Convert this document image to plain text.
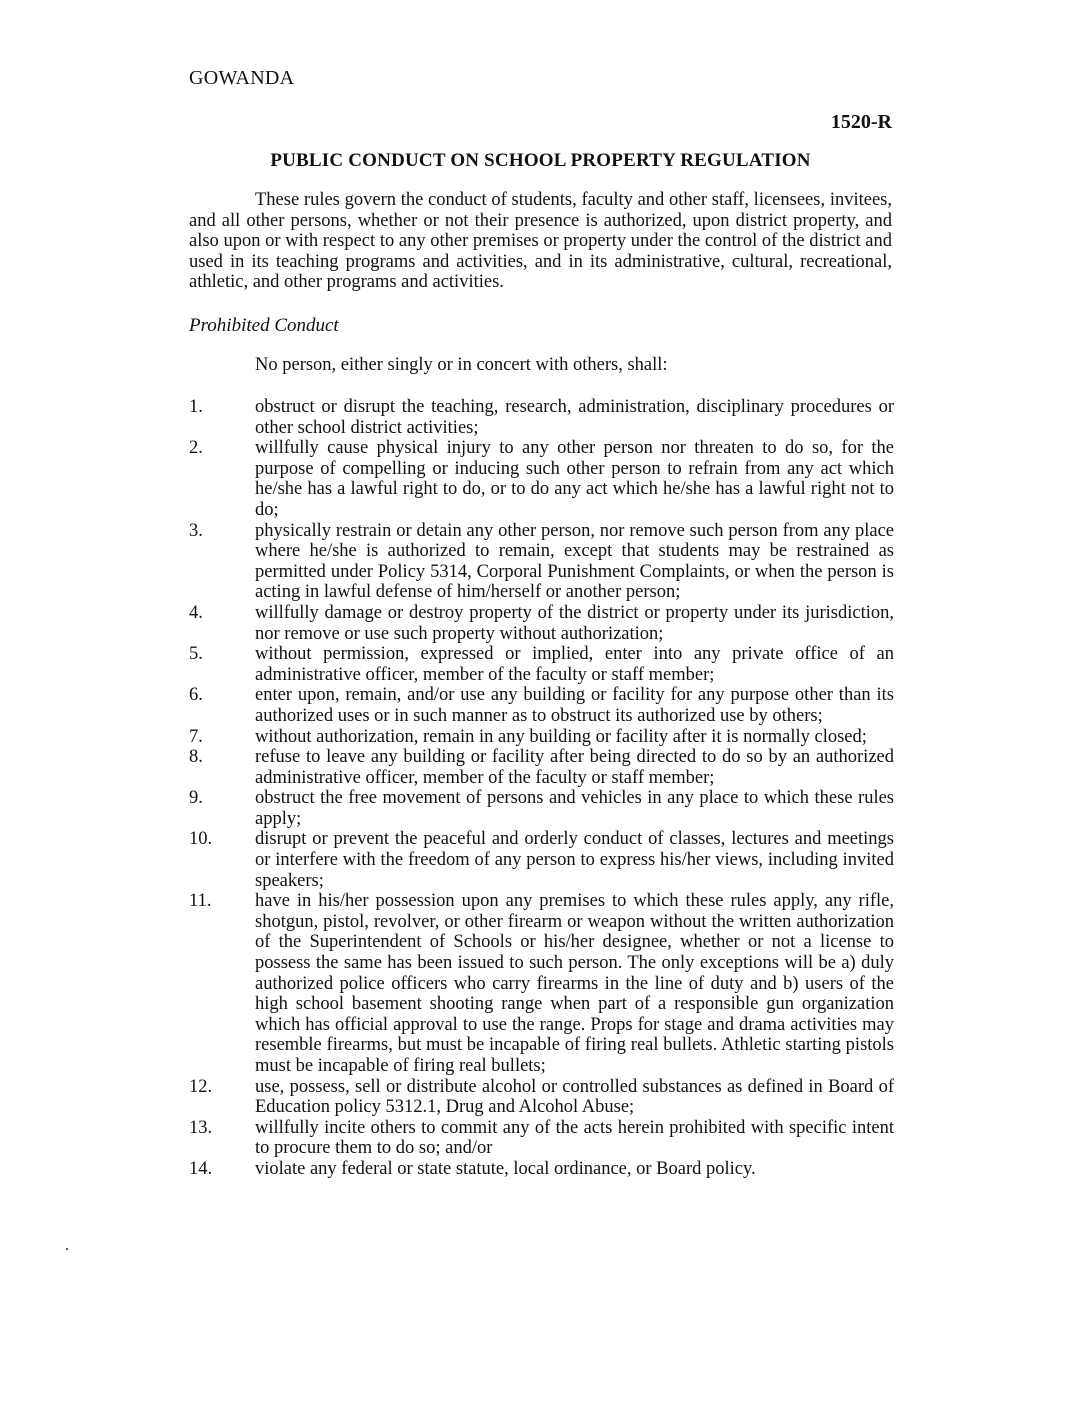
GOWANDA
1520-R
PUBLIC CONDUCT ON SCHOOL PROPERTY REGULATION

These rules govern the conduct of students, faculty and other staff, licensees, invitees, and all other persons, whether or not their presence is authorized, upon district property, and also upon or with respect to any other premises or property under the control of the district and used in its teaching programs and activities, and in its administrative, cultural, recreational, athletic, and other programs and activities.

Prohibited Conduct
No person, either singly or in concert with others, shall:
1.	obstruct or disrupt the teaching, research, administration, disciplinary procedures or other school district activities;
2.	willfully cause physical injury to any other person nor threaten to do so, for the purpose of compelling or inducing such other person to refrain from any act which he/she has a lawful right to do, or to do any act which he/she has a lawful right not to do;
3.	physically restrain or detain any other person, nor remove such person from any place where he/she is authorized to remain, except that students may be restrained as permitted under Policy 5314, Corporal Punishment Complaints, or when the person is acting in lawful defense of him/herself or another person;
4.	willfully damage or destroy property of the district or property under its jurisdiction, nor remove or use such property without authorization;
5.	without permission, expressed or implied, enter into any private office of an administrative officer, member of the faculty or staff member;
6.	enter upon, remain, and/or use any building or facility for any purpose other than its authorized uses or in such manner as to obstruct its authorized use by others;
7.	without authorization, remain in any building or facility after it is normally closed;
8.	refuse to leave any building or facility after being directed to do so by an authorized administrative officer, member of the faculty or staff member;
9.	obstruct the free movement of persons and vehicles in any place to which these rules apply;
10.	disrupt or prevent the peaceful and orderly conduct of classes, lectures and meetings or interfere with the freedom of any person to express his/her views, including invited speakers;
11.	have in his/her possession upon any premises to which these rules apply, any rifle, shotgun, pistol, revolver, or other firearm or weapon without the written authorization of the Superintendent of Schools or his/her designee, whether or not a license to possess the same has been issued to such person. The only exceptions will be a) duly authorized police officers who carry firearms in the line of duty and b) users of the high school basement shooting range when part of a responsible gun organization which has official approval to use the range. Props for stage and drama activities may resemble firearms, but must be incapable of firing real bullets. Athletic starting pistols must be incapable of firing real bullets;
12.	use, possess, sell or distribute alcohol or controlled substances as defined in Board of Education policy 5312.1, Drug and Alcohol Abuse;
13.	willfully incite others to commit any of the acts herein prohibited with specific intent to procure them to do so; and/or
14.	violate any federal or state statute, local ordinance, or Board policy.
